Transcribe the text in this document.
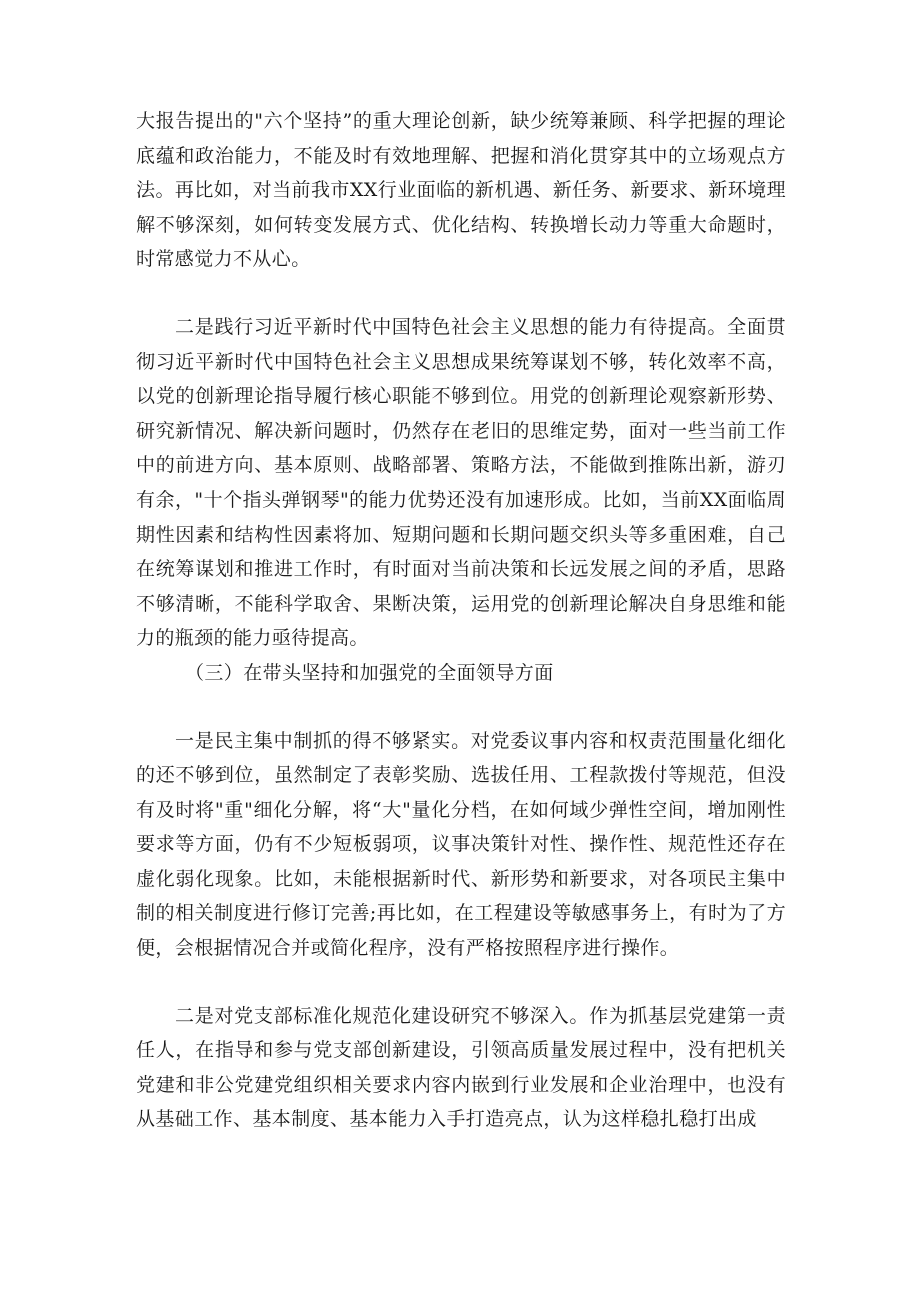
大报告提出的"六个坚持”的重大理论创新，缺少统筹兼顾、科学把握的理论底蕴和政治能力，不能及时有效地理解、把握和消化贯穿其中的立场观点方法。再比如，对当前我市XX行业面临的新机遇、新任务、新要求、新环境理解不够深刻，如何转变发展方式、优化结构、转换增长动力等重大命题时，时常感觉力不从心。

二是践行习近平新时代中国特色社会主义思想的能力有待提高。全面贯彻习近平新时代中国特色社会主义思想成果统筹谋划不够，转化效率不高，以党的创新理论指导履行核心职能不够到位。用党的创新理论观察新形势、研究新情况、解决新问题时，仍然存在老旧的思维定势，面对一些当前工作中的前进方向、基本原则、战略部署、策略方法，不能做到推陈出新，游刃有余，"十个指头弹钢琴"的能力优势还没有加速形成。比如，当前XX面临周期性因素和结构性因素将加、短期问题和长期问题交织头等多重困难，自己在统筹谋划和推进工作时，有时面对当前决策和长远发展之间的矛盾，思路不够清晰，不能科学取舍、果断决策，运用党的创新理论解决自身思维和能力的瓶颈的能力亟待提高。

（三）在带头坚持和加强党的全面领导方面

一是民主集中制抓的得不够紧实。对党委议事内容和权责范围量化细化的还不够到位，虽然制定了表彰奖励、选拔任用、工程款拨付等规范，但没有及时将"重"细化分解，将“大"量化分档，在如何域少弹性空间，增加刚性要求等方面，仍有不少短板弱项，议事决策针对性、操作性、规范性还存在虚化弱化现象。比如，未能根据新时代、新形势和新要求，对各项民主集中制的相关制度进行修订完善;再比如，在工程建设等敏感事务上，有时为了方便，会根据情况合并或简化程序，没有严格按照程序进行操作。

二是对党支部标准化规范化建设研究不够深入。作为抓基层党建第一责任人，在指导和参与党支部创新建设，引领高质量发展过程中，没有把机关党建和非公党建党组织相关要求内容内嵌到行业发展和企业治理中，也没有从基础工作、基本制度、基本能力入手打造亮点，认为这样稳扎稳打出成
